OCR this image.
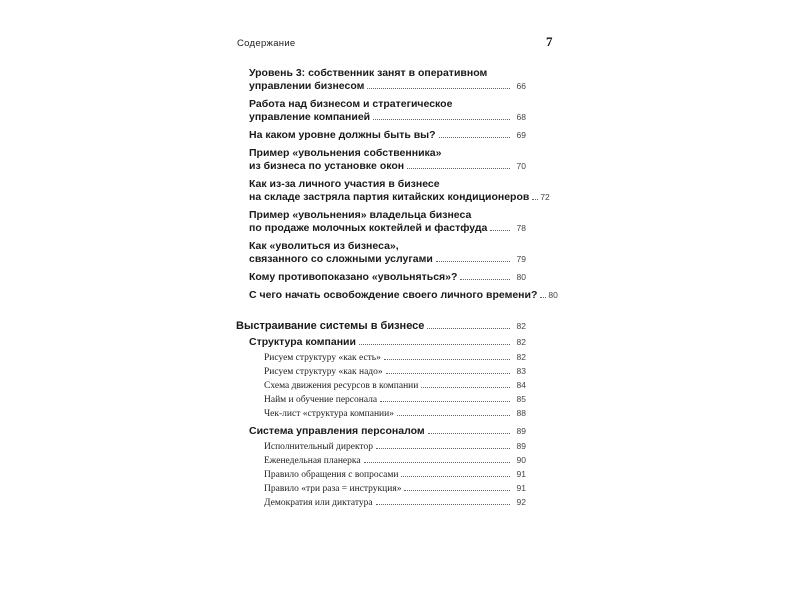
Содержание	7
Уровень 3: собственник занят в оперативном
управлении бизнесом	66
Работа над бизнесом и стратегическое
управление компанией	68
На каком уровне должны быть вы?	69
Пример «увольнения собственника»
из бизнеса по установке окон	70
Как из-за личного участия в бизнесе
на складе застряла партия китайских кондиционеров 72
Пример «увольнения» владельца бизнеса
по продаже молочных коктейлей и фастфуда	78
Как «уволиться из бизнеса»,
связанного со сложными услугами	79
Кому противопоказано «увольняться»?	80
С чего начать освобождение своего личного времени? 80
Выстраивание системы в бизнесе	82
Структура компании	82
Рисуем структуру «как есть»	82
Рисуем структуру «как надо»	83
Схема движения ресурсов в компании	84
Найм и обучение персонала	85
Чек-лист «структура компании»	88
Система управления персоналом	89
Исполнительный директор	89
Еженедельная планерка	90
Правило обращения с вопросами	91
Правило «три раза = инструкция»	91
Демократия или диктатура	92
